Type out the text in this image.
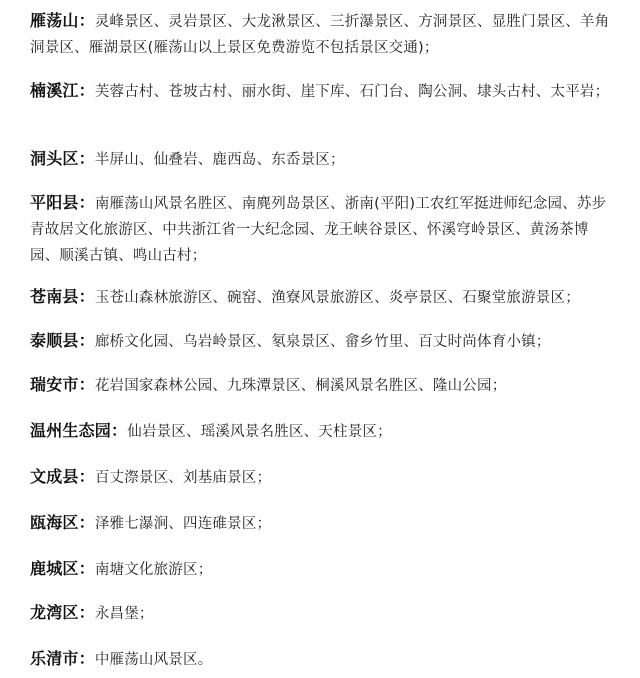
雁荡山：灵峰景区、灵岩景区、大龙湫景区、三折瀑景区、方洞景区、显胜门景区、羊角洞景区、雁湖景区(雁荡山以上景区免费游览不包括景区交通)；

楠溪江：芙蓉古村、苍坡古村、丽水街、崖下库、石门台、陶公洞、埭头古村、太平岩；

洞头区：半屏山、仙叠岩、鹿西岛、东岙景区；

平阳县：南雁荡山风景名胜区、南麂列岛景区、浙南(平阳)工农红军挺进师纪念园、苏步青故居文化旅游区、中共浙江省一大纪念园、龙王峡谷景区、怀溪穹岭景区、黄汤茶博园、顺溪古镇、鸣山古村；

苍南县：玉苍山森林旅游区、碗窑、渔寮风景旅游区、炎亭景区、石聚堂旅游景区；

泰顺县：廊桥文化园、乌岩岭景区、氡泉景区、畲乡竹里、百丈时尚体育小镇；

瑞安市：花岩国家森林公园、九珠潭景区、桐溪风景名胜区、隆山公园；

温州生态园：仙岩景区、瑶溪风景名胜区、天柱景区；

文成县：百丈漈景区、刘基庙景区；

瓯海区：泽雅七瀑涧、四连碓景区；

鹿城区：南塘文化旅游区；

龙湾区：永昌堡；

乐清市：中雁荡山风景区。
